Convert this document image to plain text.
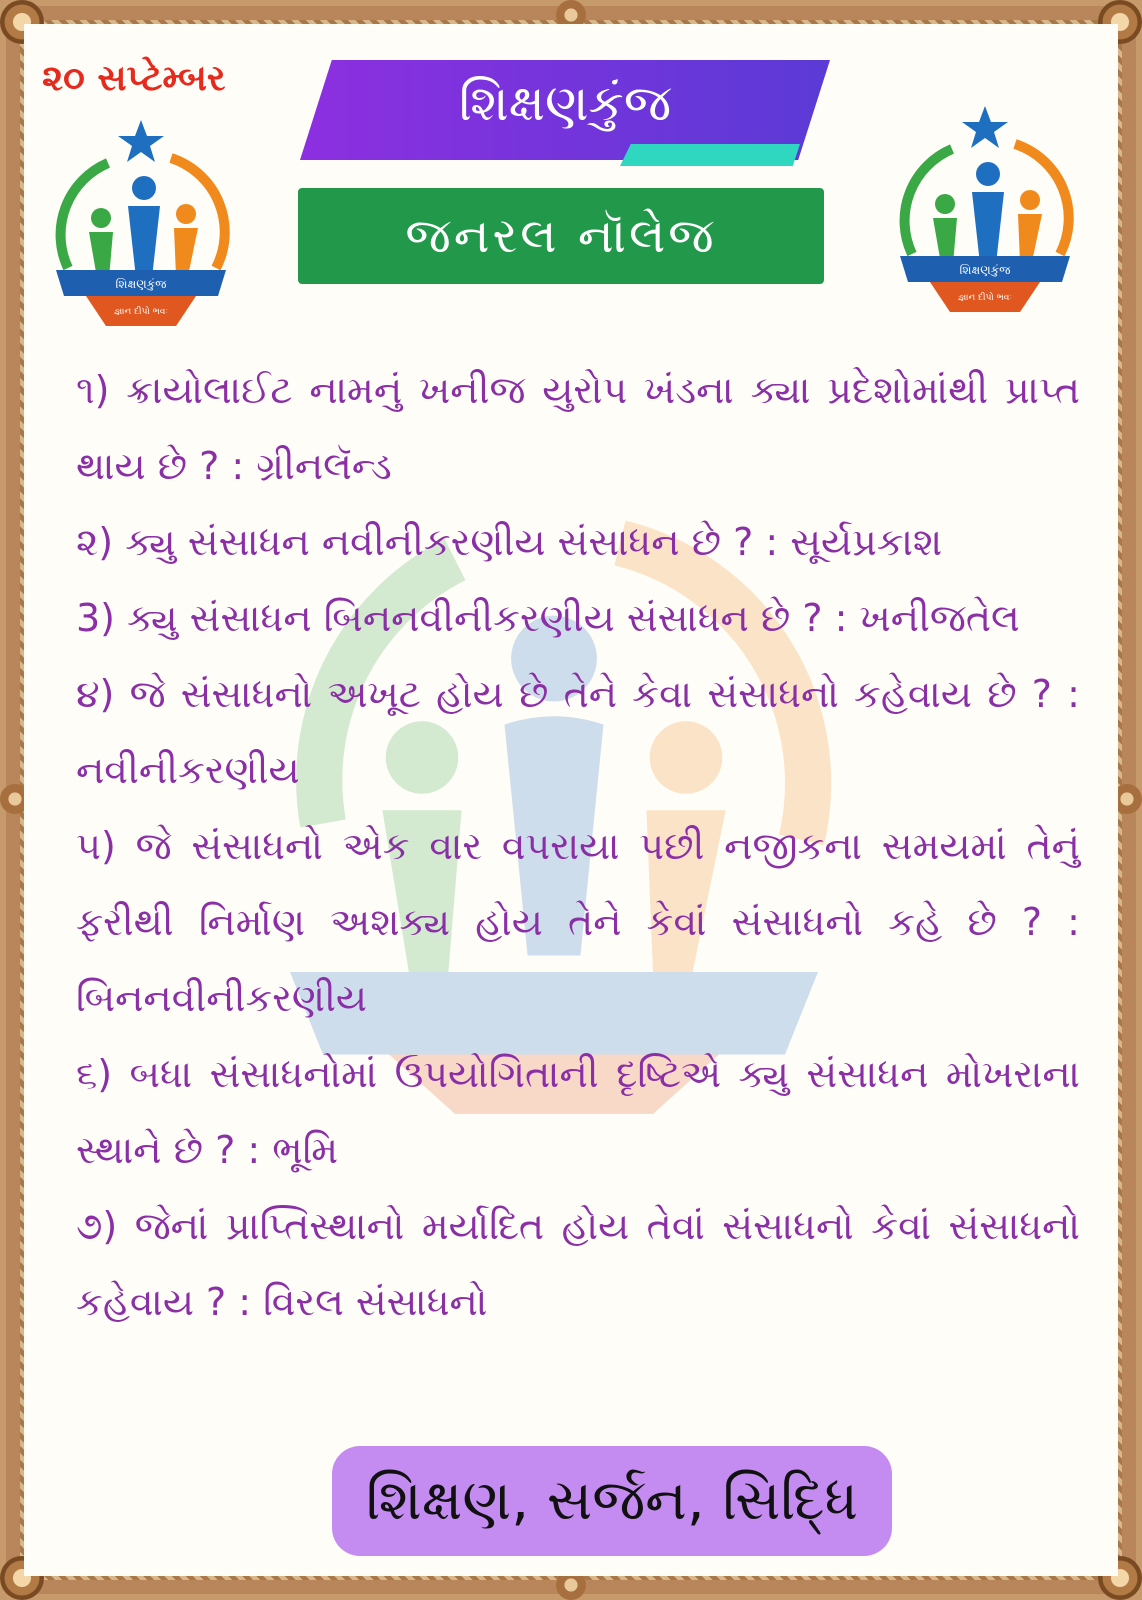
૨૦ સપ્ટેમ્બર	શિક્ષણકુંજ
જનરલ નૉલેજ
શિક્ષણકુંજ
જ્ઞાન દીપો ભવઃ
શિક્ષણકુંજ
જ્ઞાન દીપો ભવઃ

૧) ક્રાયોલાઈટ નામનું ખનીજ યુરોપ ખંડના ક્યા પ્રદેશોમાંથી પ્રાપ્ત થાય છે ? : ગ્રીનલૅન્ડ

૨) ક્યુ સંસાધન નવીનીકરણીય સંસાધન છે ? : સૂર્યપ્રકાશ

3) ક્યુ સંસાધન બિનનવીનીકરણીય સંસાધન છે ? : ખનીજતેલ

૪) જે સંસાધનો અખૂટ હોય છે તેને કેવા સંસાધનો કહેવાય છે ? : નવીનીકરણીય

૫) જે સંસાધનો એક વાર વપરાયા પછી નજીકના સમયમાં તેનું ફરીથી નિર્માણ અશક્ય હોય તેને કેવાં સંસાધનો કહે છે ? : બિનનવીનીકરણીય

૬) બધા સંસાધનોમાં ઉપયોગિતાની દૃષ્ટિએ ક્યુ સંસાધન મોખરાના સ્થાને છે ? : ભૂમિ

૭) જેનાં પ્રાપ્તિસ્થાનો મર્યાદિત હોય તેવાં સંસાધનો કેવાં સંસાધનો કહેવાય ? : વિરલ સંસાધનો

શિક્ષણ, સર્જન, સિદ્ધિ
